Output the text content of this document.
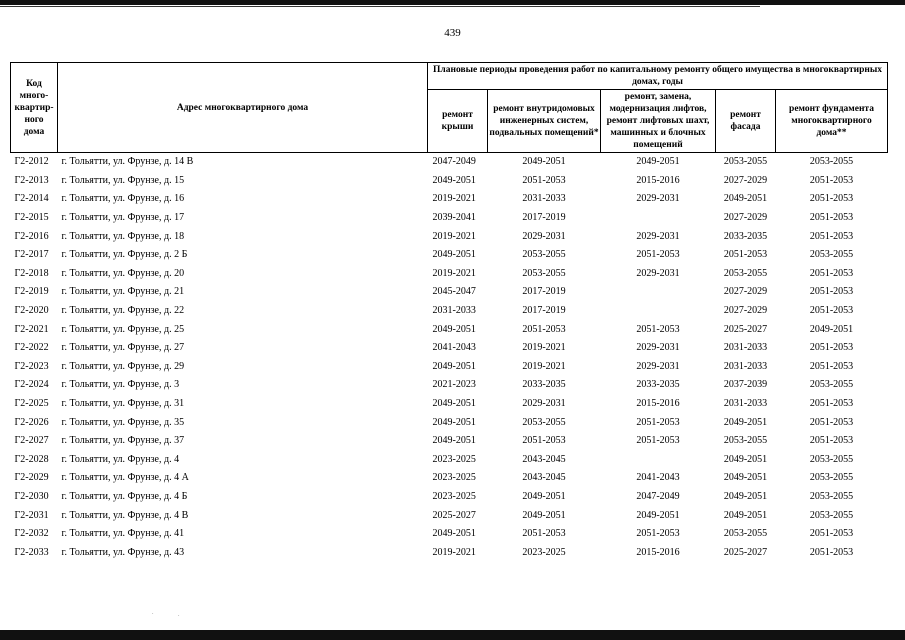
439
Код
много-
квартир-
ного
дома	Адрес многоквартирного дома	Плановые периоды проведения работ по капитальному ремонту общего имущества в многоквартирных домах, годы				
		ремонт крыши	ремонт внутридомовых инженерных систем, подвальных помещений*	ремонт, замена, модернизация лифтов, ремонт лифтовых шахт, машинных и блочных помещений	ремонт фасада	ремонт фундамента многоквартирного дома**
Г2-2012	г. Тольятти, ул. Фрунзе, д. 14 В	2047-2049	2049-2051	2049-2051	2053-2055	2053-2055
Г2-2013	г. Тольятти, ул. Фрунзе, д. 15	2049-2051	2051-2053	2015-2016	2027-2029	2051-2053
Г2-2014	г. Тольятти, ул. Фрунзе, д. 16	2019-2021	2031-2033	2029-2031	2049-2051	2051-2053
Г2-2015	г. Тольятти, ул. Фрунзе, д. 17	2039-2041	2017-2019		2027-2029	2051-2053
Г2-2016	г. Тольятти, ул. Фрунзе, д. 18	2019-2021	2029-2031	2029-2031	2033-2035	2051-2053
Г2-2017	г. Тольятти, ул. Фрунзе, д. 2 Б	2049-2051	2053-2055	2051-2053	2051-2053	2053-2055
Г2-2018	г. Тольятти, ул. Фрунзе, д. 20	2019-2021	2053-2055	2029-2031	2053-2055	2051-2053
Г2-2019	г. Тольятти, ул. Фрунзе, д. 21	2045-2047	2017-2019		2027-2029	2051-2053
Г2-2020	г. Тольятти, ул. Фрунзе, д. 22	2031-2033	2017-2019		2027-2029	2051-2053
Г2-2021	г. Тольятти, ул. Фрунзе, д. 25	2049-2051	2051-2053	2051-2053	2025-2027	2049-2051
Г2-2022	г. Тольятти, ул. Фрунзе, д. 27	2041-2043	2019-2021	2029-2031	2031-2033	2051-2053
Г2-2023	г. Тольятти, ул. Фрунзе, д. 29	2049-2051	2019-2021	2029-2031	2031-2033	2051-2053
Г2-2024	г. Тольятти, ул. Фрунзе, д. 3	2021-2023	2033-2035	2033-2035	2037-2039	2053-2055
Г2-2025	г. Тольятти, ул. Фрунзе, д. 31	2049-2051	2029-2031	2015-2016	2031-2033	2051-2053
Г2-2026	г. Тольятти, ул. Фрунзе, д. 35	2049-2051	2053-2055	2051-2053	2049-2051	2051-2053
Г2-2027	г. Тольятти, ул. Фрунзе, д. 37	2049-2051	2051-2053	2051-2053	2053-2055	2051-2053
Г2-2028	г. Тольятти, ул. Фрунзе, д. 4	2023-2025	2043-2045		2049-2051	2053-2055
Г2-2029	г. Тольятти, ул. Фрунзе, д. 4 А	2023-2025	2043-2045	2041-2043	2049-2051	2053-2055
Г2-2030	г. Тольятти, ул. Фрунзе, д. 4 Б	2023-2025	2049-2051	2047-2049	2049-2051	2053-2055
Г2-2031	г. Тольятти, ул. Фрунзе, д. 4 В	2025-2027	2049-2051	2049-2051	2049-2051	2053-2055
Г2-2032	г. Тольятти, ул. Фрунзе, д. 41	2049-2051	2051-2053	2051-2053	2053-2055	2051-2053
Г2-2033	г. Тольятти, ул. Фрунзе, д. 43	2019-2021	2023-2025	2015-2016	2025-2027	2051-2053
.	.
